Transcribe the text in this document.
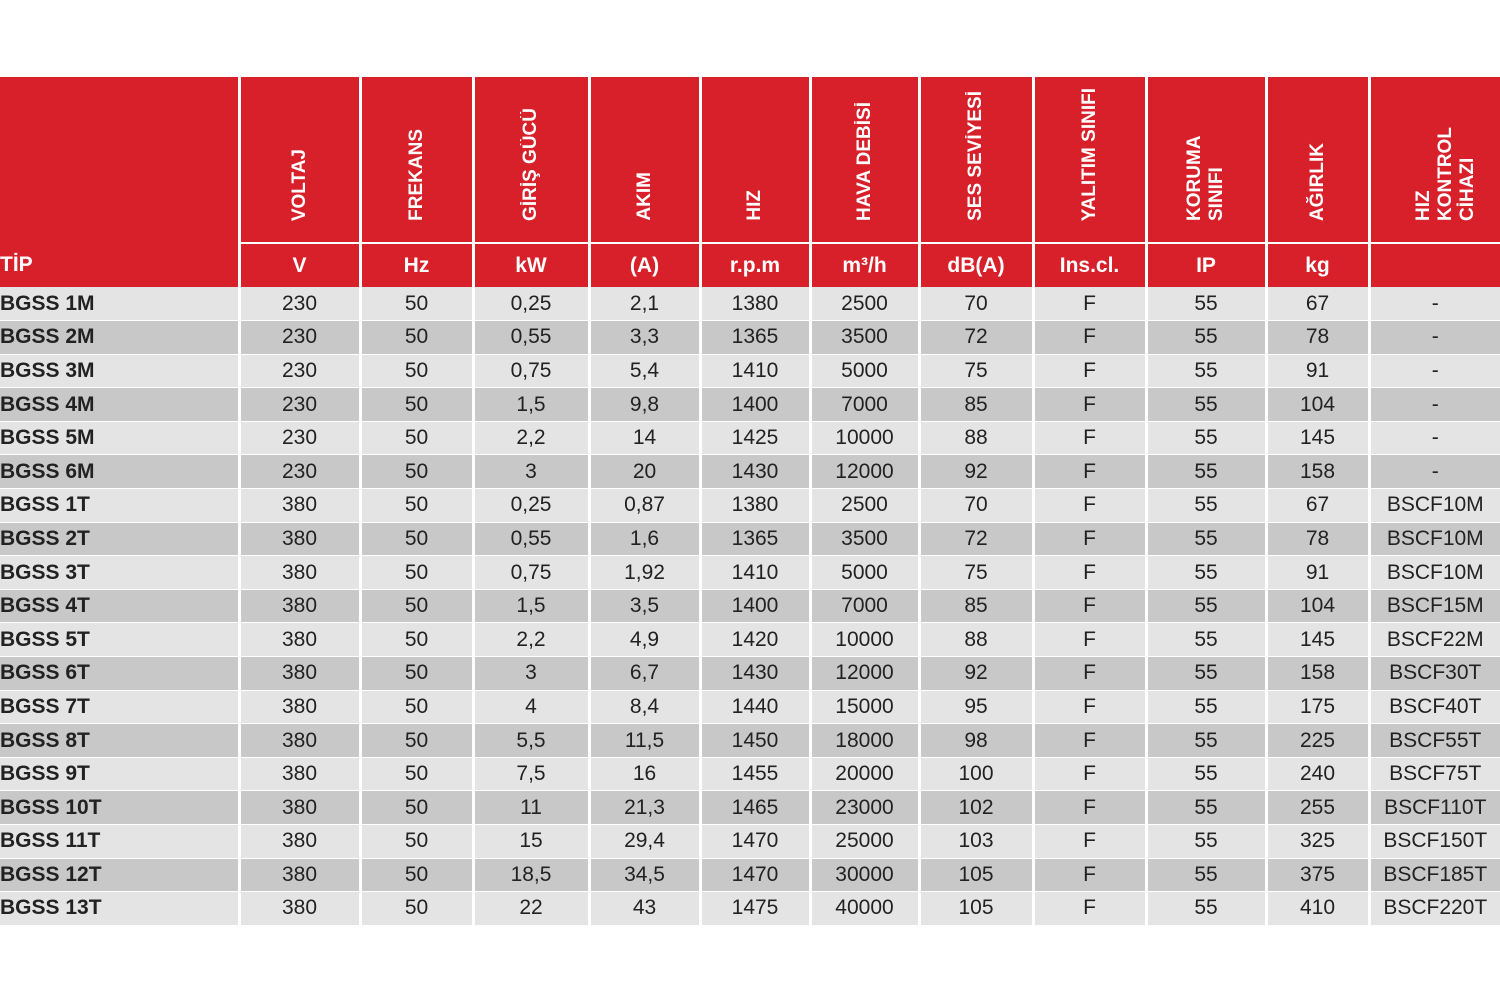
	VOLTAJ	FREKANS	GİRİŞ GÜCÜ	AKIM	HIZ	HAVA DEBİSİ	SES SEVİYESİ	YALITIM SINIFI	KORUMA SINIFI	AĞIRLIK	HIZ KONTROL CİHAZI
TİP	V	Hz	kW	(A)	r.p.m	m³/h	dB(A)	Ins.cl.	IP	kg	
BGSS 1M	230	50	0,25	2,1	1380	2500	70	F	55	67	-
BGSS 2M	230	50	0,55	3,3	1365	3500	72	F	55	78	-
BGSS 3M	230	50	0,75	5,4	1410	5000	75	F	55	91	-
BGSS 4M	230	50	1,5	9,8	1400	7000	85	F	55	104	-
BGSS 5M	230	50	2,2	14	1425	10000	88	F	55	145	-
BGSS 6M	230	50	3	20	1430	12000	92	F	55	158	-
BGSS 1T	380	50	0,25	0,87	1380	2500	70	F	55	67	BSCF10M
BGSS 2T	380	50	0,55	1,6	1365	3500	72	F	55	78	BSCF10M
BGSS 3T	380	50	0,75	1,92	1410	5000	75	F	55	91	BSCF10M
BGSS 4T	380	50	1,5	3,5	1400	7000	85	F	55	104	BSCF15M
BGSS 5T	380	50	2,2	4,9	1420	10000	88	F	55	145	BSCF22M
BGSS 6T	380	50	3	6,7	1430	12000	92	F	55	158	BSCF30T
BGSS 7T	380	50	4	8,4	1440	15000	95	F	55	175	BSCF40T
BGSS 8T	380	50	5,5	11,5	1450	18000	98	F	55	225	BSCF55T
BGSS 9T	380	50	7,5	16	1455	20000	100	F	55	240	BSCF75T
BGSS 10T	380	50	11	21,3	1465	23000	102	F	55	255	BSCF110T
BGSS 11T	380	50	15	29,4	1470	25000	103	F	55	325	BSCF150T
BGSS 12T	380	50	18,5	34,5	1470	30000	105	F	55	375	BSCF185T
BGSS 13T	380	50	22	43	1475	40000	105	F	55	410	BSCF220T
